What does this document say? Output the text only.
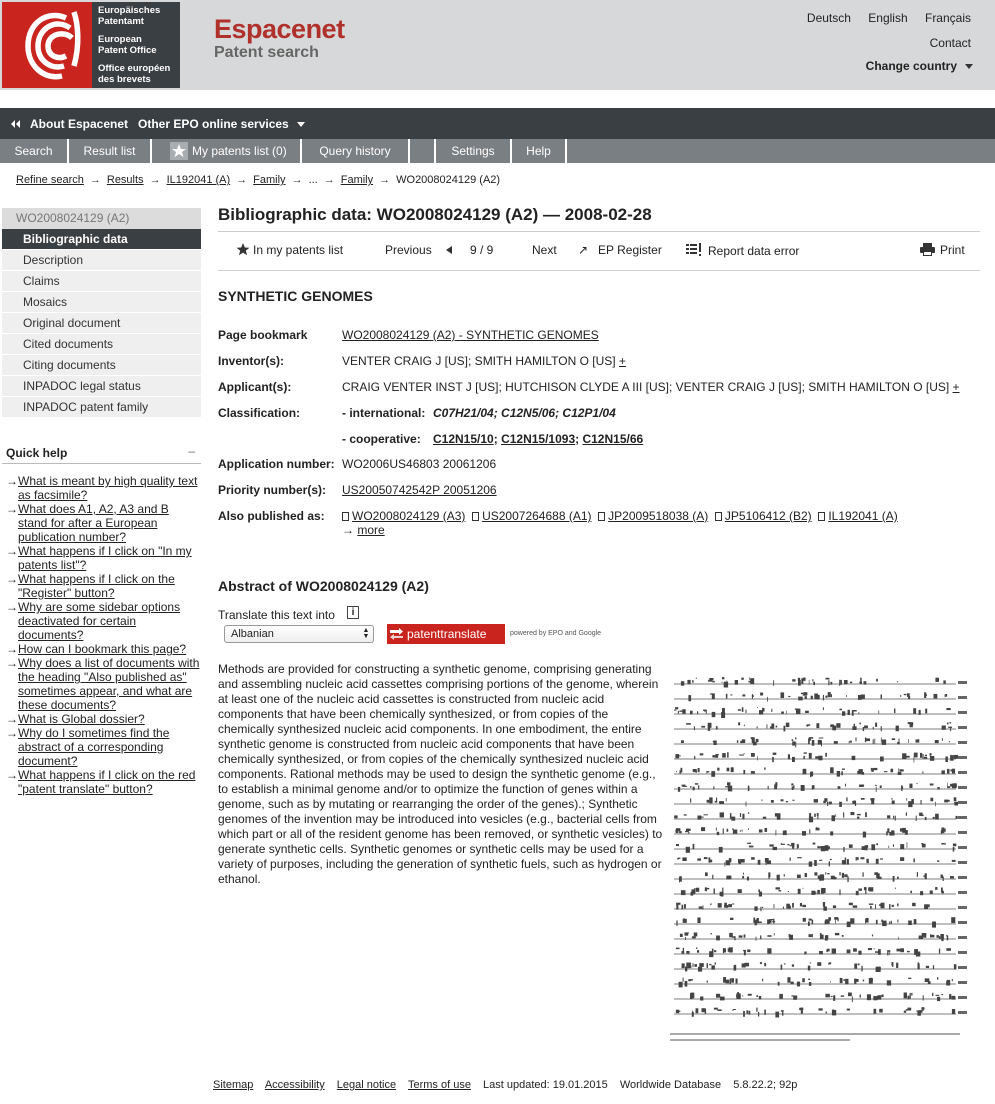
Europäisches
Patentamt
European
Patent Office
Office européen
des brevets
Espacenet
Patent search
Deutsch English Français
Contact
Change country
About Espacenet Other EPO online services
Search	Result list	My patents list (0)	Query history	Settings	Help
Refine search → Results → IL192041 (A) → Family → ... → Family → WO2008024129 (A2)
WO2008024129 (A2)
Bibliographic data
Description
Claims
Mosaics
Original document
Cited documents
Citing documents
INPADOC legal status
INPADOC patent family
Quick help	–
→ What is meant by high quality text as facsimile?
→ What does A1, A2, A3 and B stand for after a European publication number?
→ What happens if I click on "In my patents list"?
→ What happens if I click on the "Register" button?
→ Why are some sidebar options deactivated for certain documents?
→ How can I bookmark this page?
→ Why does a list of documents with the heading "Also published as" sometimes appear, and what are these documents?
→ What is Global dossier?
→ Why do I sometimes find the abstract of a corresponding document?
→ What happens if I click on the red "patent translate" button?
Bibliographic data: WO2008024129 (A2) — 2008-02-28
In my patents list	Previous	9 / 9	Next ↗ EP Register	Report data error	Print
SYNTHETIC GENOMES
Page bookmark	WO2008024129 (A2) - SYNTHETIC GENOMES
Inventor(s):	VENTER CRAIG J [US]; SMITH HAMILTON O [US] +
Applicant(s):	CRAIG VENTER INST J [US]; HUTCHISON CLYDE A III [US]; VENTER CRAIG J [US]; SMITH HAMILTON O [US] +
Classification:	- international: C07H21/04; C12N5/06; C12P1/04
- cooperative: C12N15/10; C12N15/1093; C12N15/66
Application number: WO2006US46803 20061206
Priority number(s): US20050742542P 20051206
Also published as:	WO2008024129 (A3) US2007264688 (A1) JP2009518038 (A) JP5106412 (B2) IL192041 (A)
→ more
Abstract of WO2008024129 (A2)
Translate this text into	i
Albanian	▲
▼	patenttranslate	powered by EPO and Google
Methods are provided for constructing a synthetic genome, comprising generating and assembling nucleic acid cassettes comprising portions of the genome, wherein at least one of the nucleic acid cassettes is constructed from nucleic acid components that have been chemically synthesized, or from copies of the chemically synthesized nucleic acid components. In one embodiment, the entire synthetic genome is constructed from nucleic acid components that have been chemically synthesized, or from copies of the chemically synthesized nucleic acid components. Rational methods may be used to design the synthetic genome (e.g., to establish a minimal genome and/or to optimize the function of genes within a genome, such as by mutating or rearranging the order of the genes).; Synthetic genomes of the invention may be introduced into vesicles (e.g., bacterial cells from which part or all of the resident genome has been removed, or synthetic vesicles) to generate synthetic cells. Synthetic genomes or synthetic cells may be used for a variety of purposes, including the generation of synthetic fuels, such as hydrogen or ethanol.
Sitemap Accessibility Legal notice Terms of use Last updated: 19.01.2015 Worldwide Database 5.8.22.2; 92p
